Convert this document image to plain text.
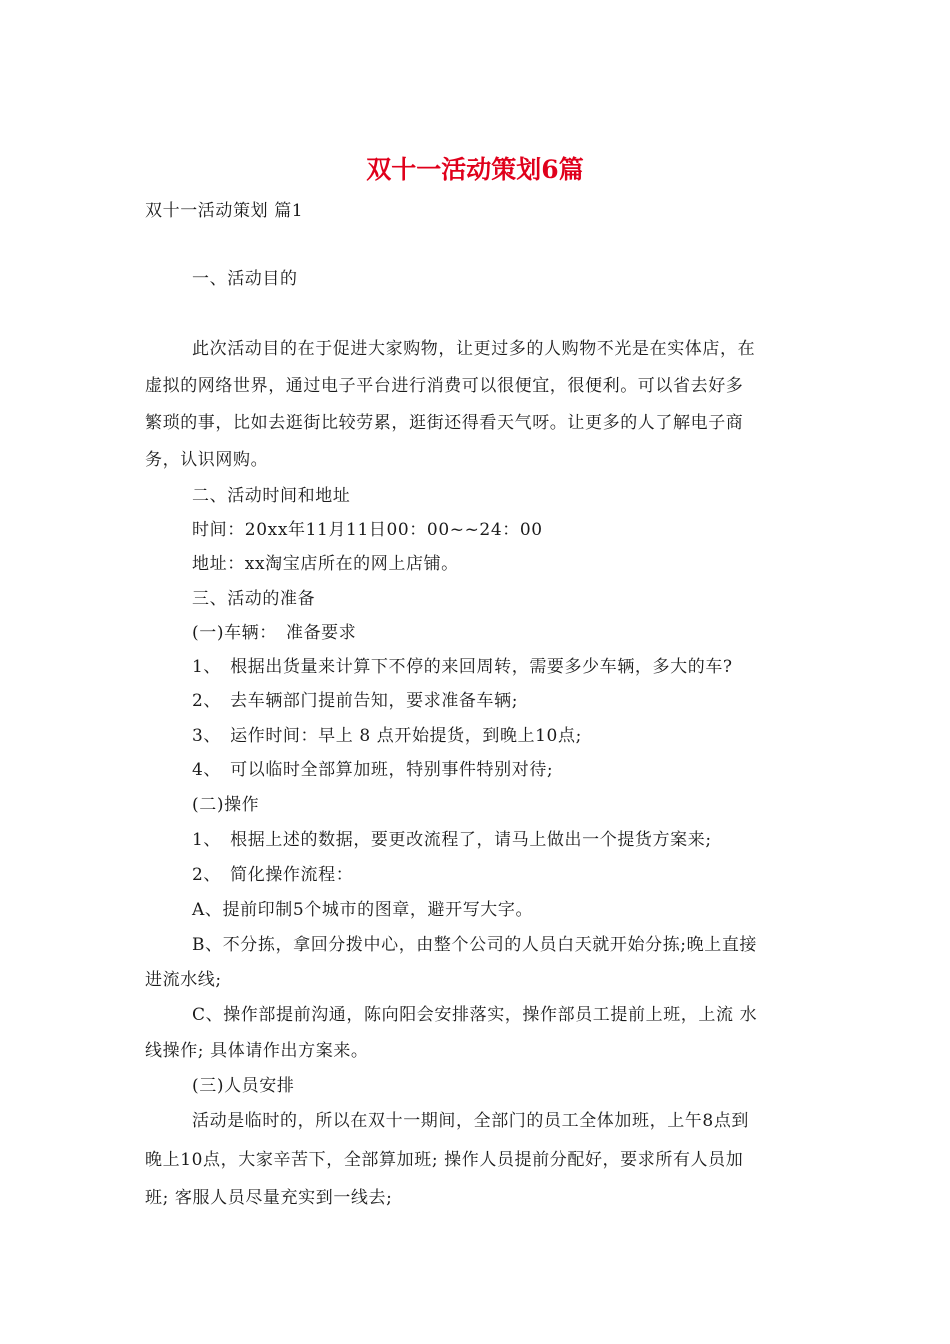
双十一活动策划6篇
双十一活动策划 篇1
一、活动目的
此次活动目的在于促进大家购物，让更过多的人购物不光是在实体店，在
虚拟的网络世界，通过电子平台进行消费可以很便宜，很便利。可以省去好多
繁琐的事，比如去逛街比较劳累，逛街还得看天气呀。让更多的人了解电子商
务，认识网购。
二、活动时间和地址
时间：20xx年11月11日00：00~~24：00
地址：xx淘宝店所在的网上店铺。
三、活动的准备
(一)车辆：　准备要求
1、　根据出货量来计算下不停的来回周转，需要多少车辆，多大的车?
2、　去车辆部门提前告知，要求准备车辆;
3、　运作时间：早上 8 点开始提货，到晚上10点;
4、　可以临时全部算加班，特别事件特别对待;
(二)操作
1、　根据上述的数据，要更改流程了，请马上做出一个提货方案来;
2、　简化操作流程：
A、提前印制5个城市的图章，避开写大字。
B、不分拣，拿回分拨中心，由整个公司的人员白天就开始分拣;晚上直接
进流水线;
C、操作部提前沟通，陈向阳会安排落实，操作部员工提前上班，上流 水
线操作; 具体请作出方案来。
(三)人员安排
活动是临时的，所以在双十一期间，全部门的员工全体加班，上午8点到
晚上10点，大家辛苦下，全部算加班; 操作人员提前分配好，要求所有人员加
班; 客服人员尽量充实到一线去;
